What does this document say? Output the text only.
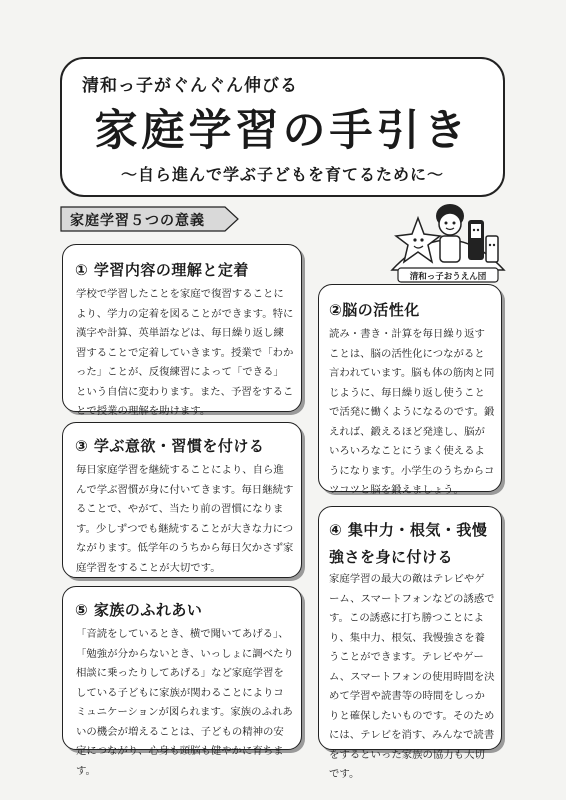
清和っ子がぐんぐん伸びる
家庭学習の手引き
～自ら進んで学ぶ子どもを育てるために～
家庭学習５つの意義
清和っ子おうえん団
① 学習内容の理解と定着

学校で学習したことを家庭で復習することにより、学力の定着を図ることができます。特に漢字や計算、英単語などは、毎日繰り返し練習することで定着していきます。授業で「わかった」ことが、反復練習によって「できる」という自信に変わります。また、予習をすることで授業の理解を助けます。

②脳の活性化

読み・書き・計算を毎日繰り返すことは、脳の活性化につながると言われています。脳も体の筋肉と同じように、毎日繰り返し使うことで活発に働くようになるのです。鍛えれば、鍛えるほど発達し、脳がいろいろなことにうまく使えるようになります。小学生のうちからコツコツと脳を鍛えましょう。

③ 学ぶ意欲・習慣を付ける

毎日家庭学習を継続することにより、自ら進んで学ぶ習慣が身に付いてきます。毎日継続することで、やがて、当たり前の習慣になります。少しずつでも継続することが大きな力につながります。低学年のうちから毎日欠かさず家庭学習をすることが大切です。

④ 集中力・根気・我慢強さを身に付ける

家庭学習の最大の敵はテレビやゲーム、スマートフォンなどの誘惑です。この誘惑に打ち勝つことにより、集中力、根気、我慢強さを養うことができます。テレビやゲーム、スマートフォンの使用時間を決めて学習や読書等の時間をしっかりと確保したいものです。そのためには、テレビを消す、みんなで読書をするといった家族の協力も大切です。

⑤ 家族のふれあい

「音読をしているとき、横で聞いてあげる」、「勉強が分からないとき、いっしょに調べたり相談に乗ったりしてあげる」など家庭学習をしている子どもに家族が関わることによりコミュニケーションが図られます。家族のふれあいの機会が増えることは、子どもの精神の安定につながり、心身も頭脳も健やかに育ちます。
